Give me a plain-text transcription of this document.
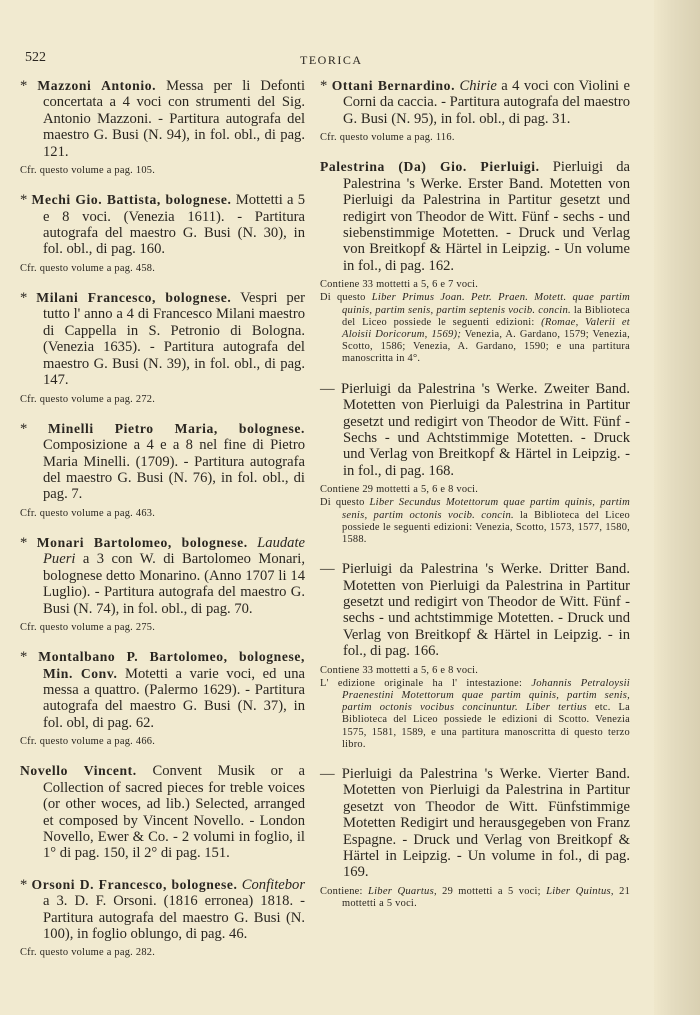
522	TEORICA
* Mazzoni Antonio. Messa per li Defonti concertata a 4 voci con strumenti del Sig. Antonio Mazzoni. - Partitura autografa del maestro G. Busi (N. 94), in fol. obl., di pag. 121.
Cfr. questo volume a pag. 105.
* Mechi Gio. Battista, bolognese. Mottetti a 5 e 8 voci. (Venezia 1611). - Partitura autografa del maestro G. Busi (N. 30), in fol. obl., di pag. 160.
Cfr. questo volume a pag. 458.
* Milani Francesco, bolognese. Vespri per tutto l' anno a 4 di Francesco Milani maestro di Cappella in S. Petronio di Bologna. (Venezia 1635). - Partitura autografa del maestro G. Busi (N. 39), in fol. obl., di pag. 147.
Cfr. questo volume a pag. 272.
* Minelli Pietro Maria, bolognese. Composizione a 4 e a 8 nel fine di Pietro Maria Minelli. (1709). - Partitura autografa del maestro G. Busi (N. 76), in fol. obl., di pag. 7.
Cfr. questo volume a pag. 463.
* Monari Bartolomeo, bolognese. Laudate Pueri a 3 con W. di Bartolomeo Monari, bolognese detto Monarino. (Anno 1707 li 14 Luglio). - Partitura autografa del maestro G. Busi (N. 74), in fol. obl., di pag. 70.
Cfr. questo volume a pag. 275.
* Montalbano P. Bartolomeo, bolognese, Min. Conv. Motetti a varie voci, ed una messa a quattro. (Palermo 1629). - Partitura autografa del maestro G. Busi (N. 37), in fol. obl, di pag. 62.
Cfr. questo volume a pag. 466.
Novello Vincent. Convent Musik or a Collection of sacred pieces for treble voices (or other woces, ad lib.) Selected, arranged et composed by Vincent Novello. - London Novello, Ewer & Co. - 2 volumi in foglio, il 1° di pag. 150, il 2° di pag. 151.
* Orsoni D. Francesco, bolognese. Confitebor a 3. D. F. Orsoni. (1816 erronea) 1818. - Partitura autografa del maestro G. Busi (N. 100), in foglio oblungo, di pag. 46.
Cfr. questo volume a pag. 282.
* Ottani Bernardino. Chirie a 4 voci con Violini e Corni da caccia. - Partitura autografa del maestro G. Busi (N. 95), in fol. obl., di pag. 31.
Cfr. questo volume a pag. 116.
Palestrina (Da) Gio. Pierluigi. Pierluigi da Palestrina 's Werke. Erster Band. Motetten von Pierluigi da Palestrina in Partitur gesetzt und redigirt von Theodor de Witt. Fünf - sechs - und siebenstimmige Motetten. - Druck und Verlag von Breitkopf & Härtel in Leipzig. - Un volume in fol., di pag. 162.
Contiene 33 mottetti a 5, 6 e 7 voci.
Di questo Liber Primus Joan. Petr. Praen. Motett. quae partim quinis, partim senis, partim septenis vocib. concin. la Biblioteca del Liceo possiede le seguenti edizioni: (Romae, Valerii et Aloisii Doricorum, 1569); Venezia, A. Gardano, 1579; Venezia, Scotto, 1586; Venezia, A. Gardano, 1590; e una partitura manoscritta in 4°.
— Pierluigi da Palestrina 's Werke. Zweiter Band. Motetten von Pierluigi da Palestrina in Partitur gesetzt und redigirt von Theodor de Witt. Fünf - Sechs - und Achtstimmige Motetten. - Druck und Verlag von Breitkopf & Härtel in Leipzig. - in fol., di pag. 168.
Contiene 29 mottetti a 5, 6 e 8 voci.
Di questo Liber Secundus Motettorum quae partim quinis, partim senis, partim octonis vocib. concin. la Biblioteca del Liceo possiede le seguenti edizioni: Venezia, Scotto, 1573, 1577, 1580, 1588.
— Pierluigi da Palestrina 's Werke. Dritter Band. Motetten von Pierluigi da Palestrina in Partitur gesetzt und redigirt von Theodor de Witt. Fünf - sechs - und achtstimmige Motetten. - Druck und Verlag von Breitkopf & Härtel in Leipzig. - in fol., di pag. 166.
Contiene 33 mottetti a 5, 6 e 8 voci.
L' edizione originale ha l' intestazione: Johannis Petraloysii Praenestini Motettorum quae partim quinis, partim senis, partim octonis vocibus concinuntur. Liber tertius etc. La Biblioteca del Liceo possiede le edizioni di Scotto. Venezia 1575, 1581, 1589, e una partitura manoscritta di questo terzo libro.
— Pierluigi da Palestrina 's Werke. Vierter Band. Motetten von Pierluigi da Palestrina in Partitur gesetzt von Theodor de Witt. Fünfstimmige Motetten Redigirt und herausgegeben von Franz Espagne. - Druck und Verlag von Breitkopf & Härtel in Leipzig. - Un volume in fol., di pag. 169.
Contiene: Liber Quartus, 29 mottetti a 5 voci; Liber Quintus, 21 mottetti a 5 voci.
